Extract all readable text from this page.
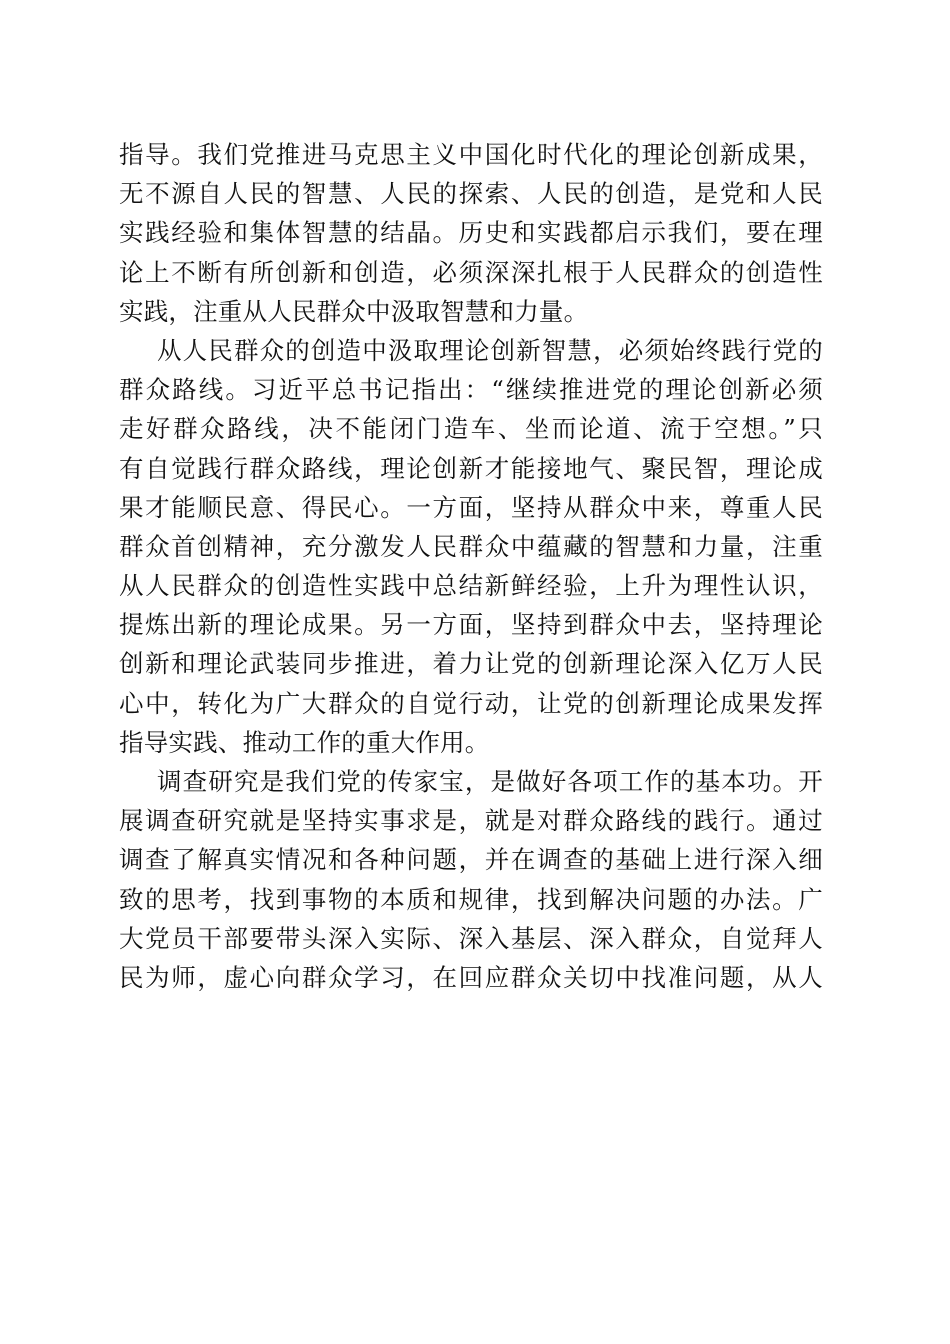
指导。我们党推进马克思主义中国化时代化的理论创新成果，
无不源自人民的智慧、人民的探索、人民的创造，是党和人民
实践经验和集体智慧的结晶。历史和实践都启示我们，要在理
论上不断有所创新和创造，必须深深扎根于人民群众的创造性
实践，注重从人民群众中汲取智慧和力量。
从人民群众的创造中汲取理论创新智慧，必须始终践行党的
群众路线。习近平总书记指出：“继续推进党的理论创新必须
走好群众路线，决不能闭门造车、坐而论道、流于空想。”只
有自觉践行群众路线，理论创新才能接地气、聚民智，理论成
果才能顺民意、得民心。一方面，坚持从群众中来，尊重人民
群众首创精神，充分激发人民群众中蕴藏的智慧和力量，注重
从人民群众的创造性实践中总结新鲜经验，上升为理性认识，
提炼出新的理论成果。另一方面，坚持到群众中去，坚持理论
创新和理论武装同步推进，着力让党的创新理论深入亿万人民
心中，转化为广大群众的自觉行动，让党的创新理论成果发挥
指导实践、推动工作的重大作用。
调查研究是我们党的传家宝，是做好各项工作的基本功。开
展调查研究就是坚持实事求是，就是对群众路线的践行。通过
调查了解真实情况和各种问题，并在调查的基础上进行深入细
致的思考，找到事物的本质和规律，找到解决问题的办法。广
大党员干部要带头深入实际、深入基层、深入群众，自觉拜人
民为师，虚心向群众学习，在回应群众关切中找准问题，从人
